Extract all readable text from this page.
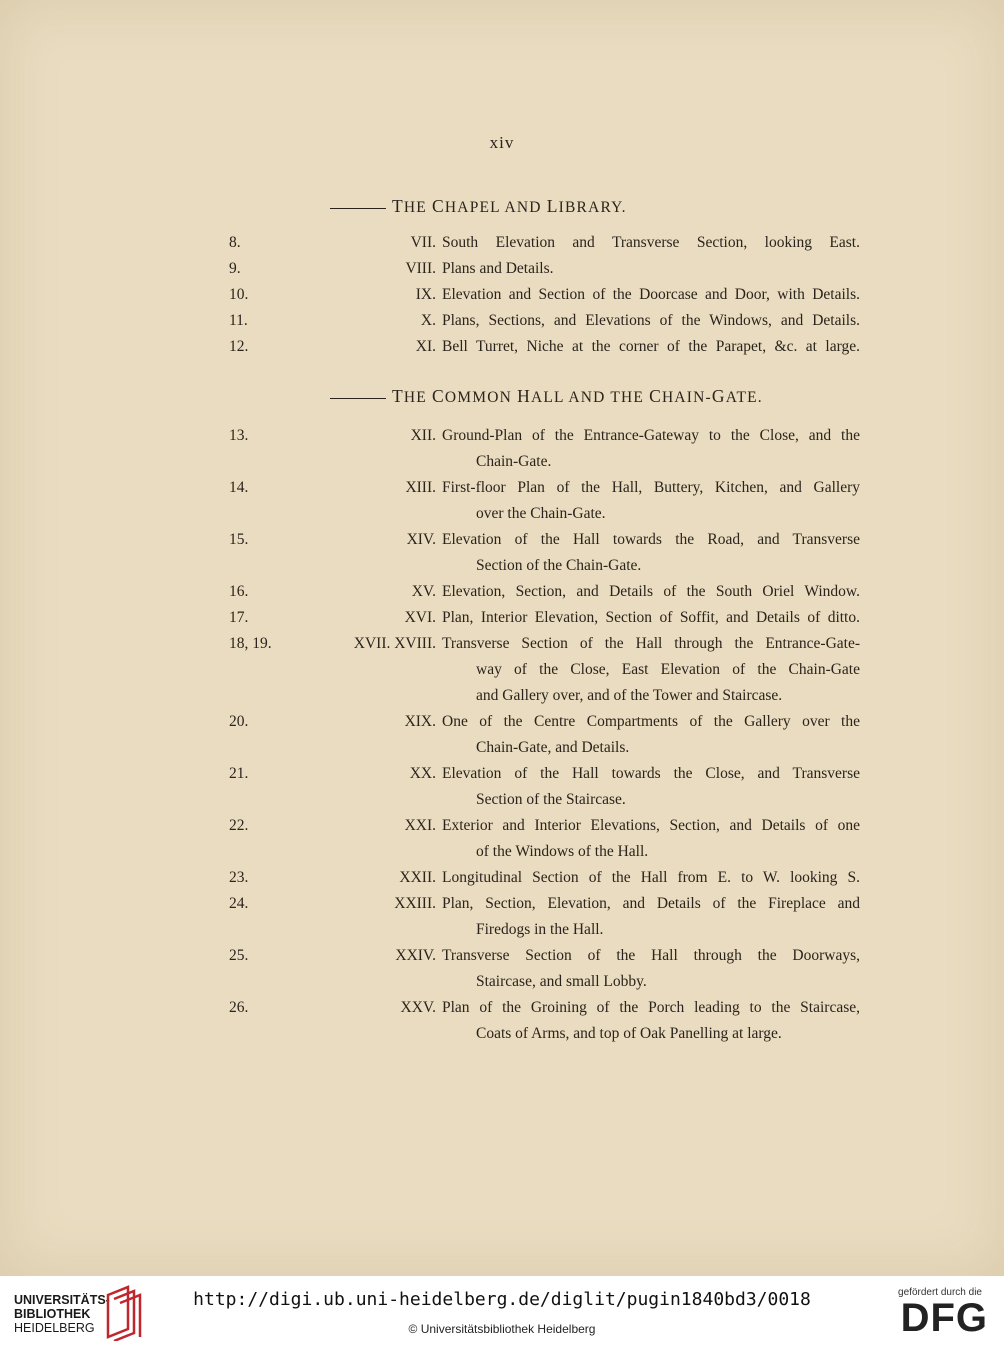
xiv
THE CHAPEL AND LIBRARY.
8.	VII. South Elevation and Transverse Section, looking East.
9.	VIII. Plans and Details.
10.	IX. Elevation and Section of the Doorcase and Door, with Details.
11.	X. Plans, Sections, and Elevations of the Windows, and Details.
12.	XI. Bell Turret, Niche at the corner of the Parapet, &c. at large.
THE COMMON HALL AND THE CHAIN-GATE.
13.	XII. Ground-Plan of the Entrance-Gateway to the Close, and the
Chain-Gate.
14.	XIII. First-floor Plan of the Hall, Buttery, Kitchen, and Gallery
over the Chain-Gate.
15.	XIV. Elevation of the Hall towards the Road, and Transverse
Section of the Chain-Gate.
16.	XV. Elevation, Section, and Details of the South Oriel Window.
17.	XVI. Plan, Interior Elevation, Section of Soffit, and Details of ditto.
18, 19.	XVII. XVIII. Transverse Section of the Hall through the Entrance-Gate-
way of the Close, East Elevation of the Chain-Gate
and Gallery over, and of the Tower and Staircase.
20.	XIX. One of the Centre Compartments of the Gallery over the
Chain-Gate, and Details.
21.	XX. Elevation of the Hall towards the Close, and Transverse
Section of the Staircase.
22.	XXI. Exterior and Interior Elevations, Section, and Details of one
of the Windows of the Hall.
23.	XXII. Longitudinal Section of the Hall from E. to W. looking S.
24.	XXIII. Plan, Section, Elevation, and Details of the Fireplace and
Firedogs in the Hall.
25.	XXIV. Transverse Section of the Hall through the Doorways,
Staircase, and small Lobby.
26.	XXV. Plan of the Groining of the Porch leading to the Staircase,
Coats of Arms, and top of Oak Panelling at large.
UNIVERSITÄTS-
BIBLIOTHEK
HEIDELBERG
http://digi.ub.uni-heidelberg.de/diglit/pugin1840bd3/0018
© Universitätsbibliothek Heidelberg
gefördert durch die
DFG
